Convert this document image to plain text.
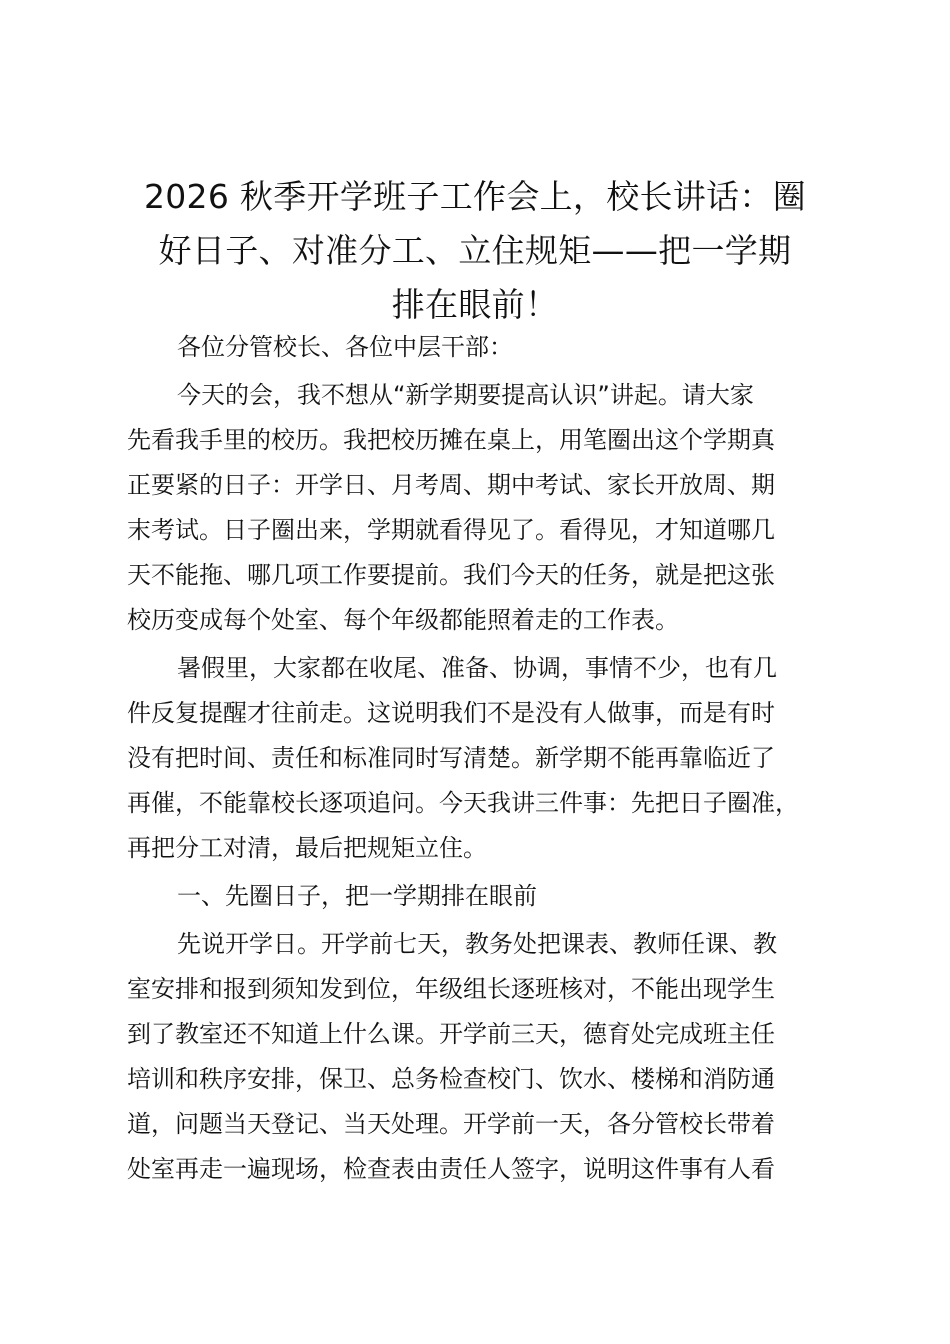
2026 秋季开学班子工作会上，校长讲话：圈
好日子、对准分工、立住规矩——把一学期
排在眼前！

各位分管校长、各位中层干部：

今天的会，我不想从“新学期要提高认识”讲起。请大家
先看我手里的校历。我把校历摊在桌上，用笔圈出这个学期真
正要紧的日子：开学日、月考周、期中考试、家长开放周、期
末考试。日子圈出来，学期就看得见了。看得见，才知道哪几
天不能拖、哪几项工作要提前。我们今天的任务，就是把这张
校历变成每个处室、每个年级都能照着走的工作表。

暑假里，大家都在收尾、准备、协调，事情不少，也有几
件反复提醒才往前走。这说明我们不是没有人做事，而是有时
没有把时间、责任和标准同时写清楚。新学期不能再靠临近了
再催，不能靠校长逐项追问。今天我讲三件事：先把日子圈准，
再把分工对清，最后把规矩立住。

一、先圈日子，把一学期排在眼前

先说开学日。开学前七天，教务处把课表、教师任课、教
室安排和报到须知发到位，年级组长逐班核对，不能出现学生
到了教室还不知道上什么课。开学前三天，德育处完成班主任
培训和秩序安排，保卫、总务检查校门、饮水、楼梯和消防通
道，问题当天登记、当天处理。开学前一天，各分管校长带着
处室再走一遍现场，检查表由责任人签字，说明这件事有人看
